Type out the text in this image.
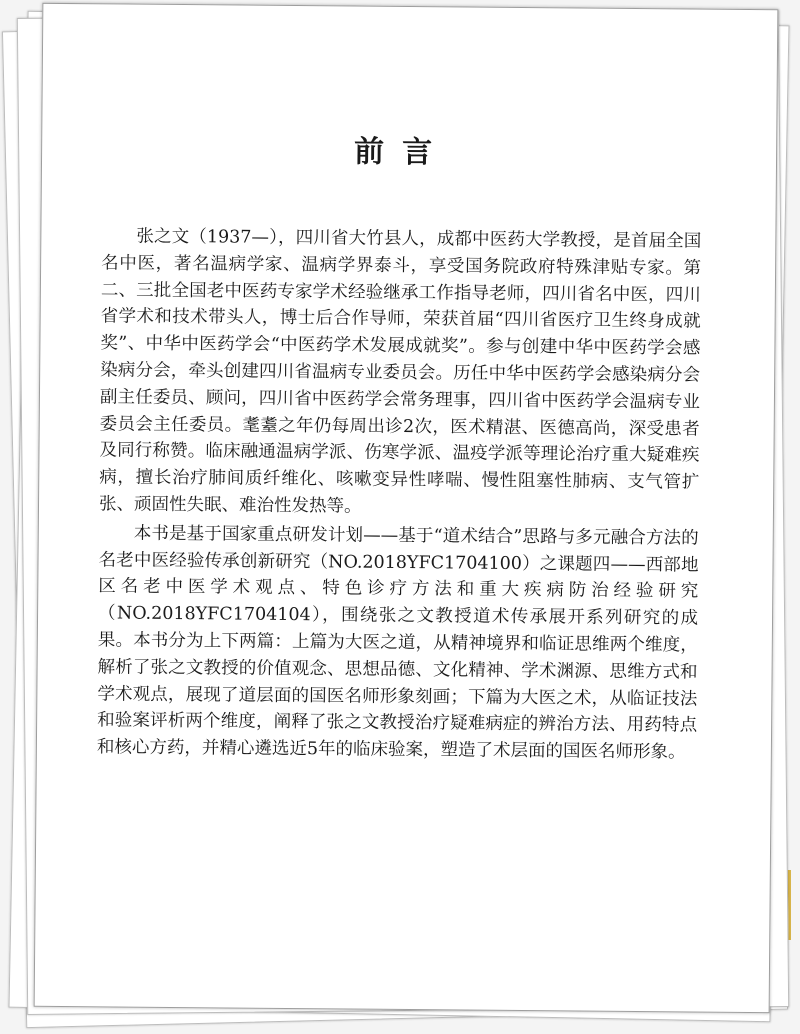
前言

张之文（1937—），四川省大竹县人，成都中医药大学教授，是首届全国名中医，著名温病学家、温病学界泰斗，享受国务院政府特殊津贴专家。第二、三批全国老中医药专家学术经验继承工作指导老师，四川省名中医，四川省学术和技术带头人，博士后合作导师，荣获首届“四川省医疗卫生终身成就奖”、中华中医药学会“中医药学术发展成就奖”。参与创建中华中医药学会感染病分会，牵头创建四川省温病专业委员会。历任中华中医药学会感染病分会副主任委员、顾问，四川省中医药学会常务理事，四川省中医药学会温病专业委员会主任委员。耄耋之年仍每周出诊2次，医术精湛、医德高尚，深受患者及同行称赞。临床融通温病学派、伤寒学派、温疫学派等理论治疗重大疑难疾病，擅长治疗肺间质纤维化、咳嗽变异性哮喘、慢性阻塞性肺病、支气管扩张、顽固性失眠、难治性发热等。

本书是基于国家重点研发计划——基于“道术结合”思路与多元融合方法的名老中医经验传承创新研究（NO.2018YFC1704100）之课题四——西部地区名老中医学术观点、特色诊疗方法和重大疾病防治经验研究（NO.2018YFC1704104），围绕张之文教授道术传承展开系列研究的成果。本书分为上下两篇：上篇为大医之道，从精神境界和临证思维两个维度，解析了张之文教授的价值观念、思想品德、文化精神、学术渊源、思维方式和学术观点，展现了道层面的国医名师形象刻画；下篇为大医之术，从临证技法和验案评析两个维度，阐释了张之文教授治疗疑难病症的辨治方法、用药特点和核心方药，并精心遴选近5年的临床验案，塑造了术层面的国医名师形象。
